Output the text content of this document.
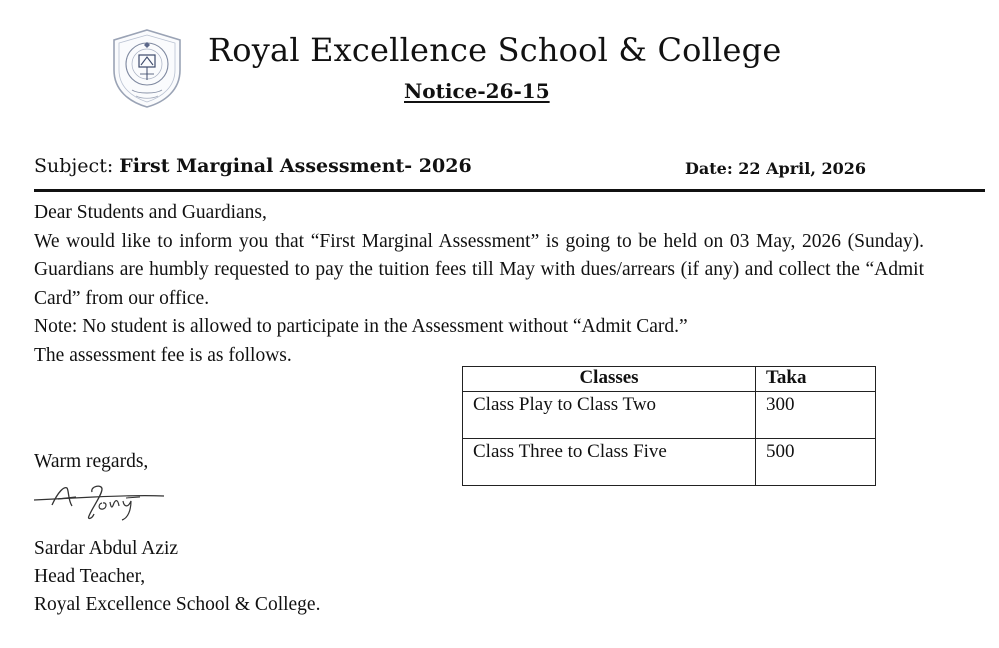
Royal Excellence School & College
Notice-26-15
Subject: First Marginal Assessment- 2026	Date: 22 April, 2026

Dear Students and Guardians,

We would like to inform you that “First Marginal Assessment” is going to be held on 03 May, 2026 (Sunday). Guardians are humbly requested to pay the tuition fees till May with dues/arrears (if any) and collect the “Admit Card” from our office.

Note: No student is allowed to participate in the Assessment without “Admit Card.”

The assessment fee is as follows.

Classes	Taka
Class Play to Class Two	300
Class Three to Class Five	500
Warm regards,
Sardar Abdul Aziz
Head Teacher,
Royal Excellence School & College.
